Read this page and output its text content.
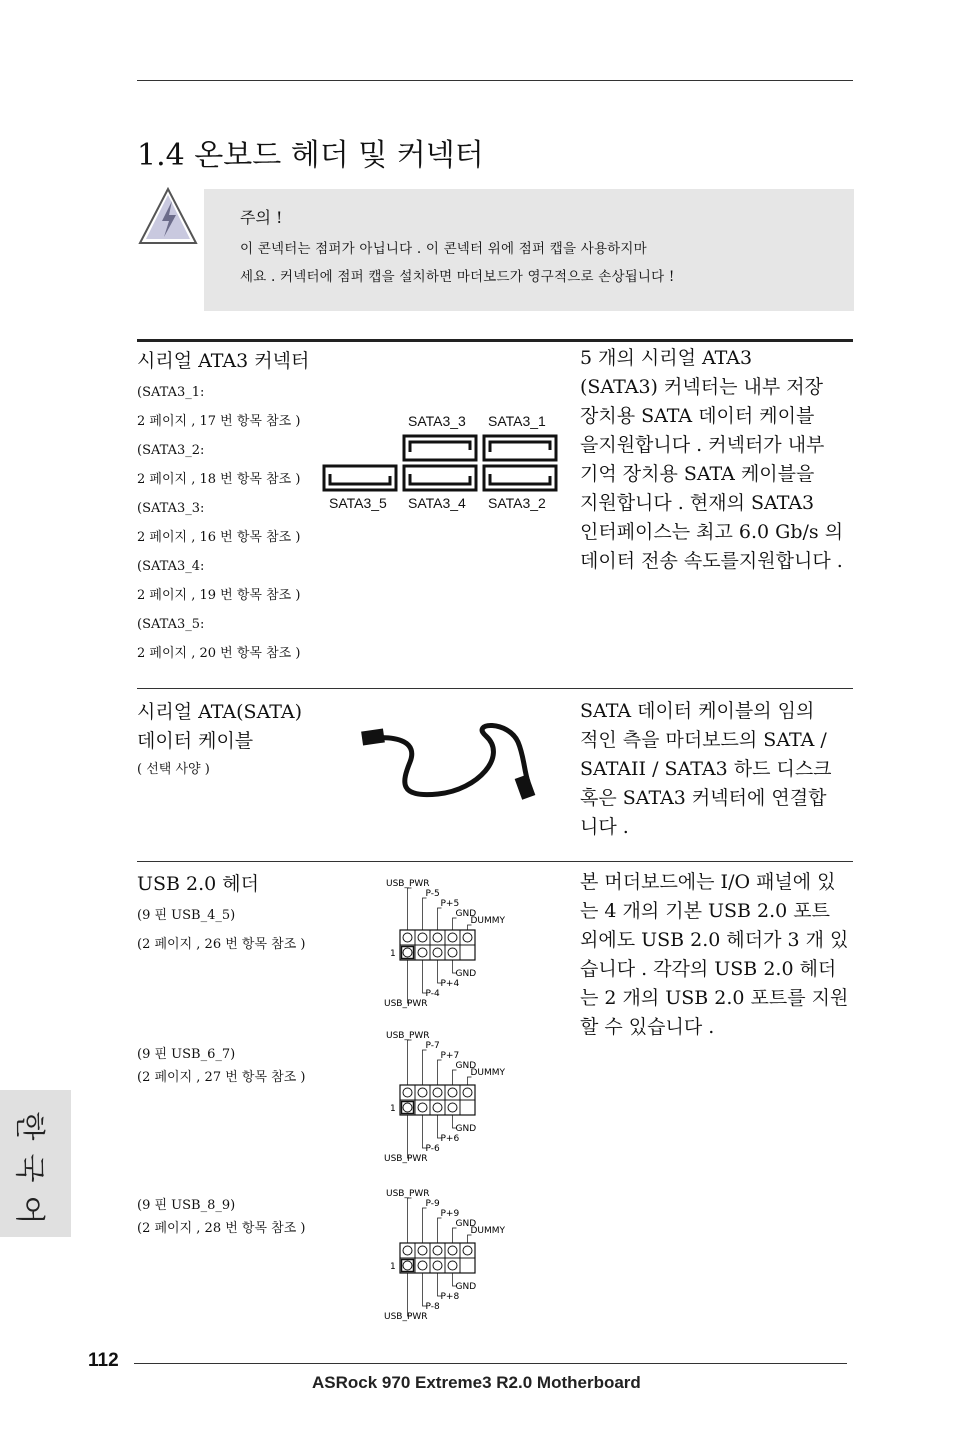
1.4 온보드 헤더 및 커넥터
주의 !
이 콘넥터는 점퍼가 아닙니다 . 이 콘넥터 위에 점퍼 캡을 사용하지마
세요 . 커넥터에 점퍼 캡을 설치하면 마더보드가 영구적으로 손상됩니다 !
시리얼 ATA3 커넥터
(SATA3_1:
2 페이지 , 17 번 항목 참조 )
(SATA3_2:
2 페이지 , 18 번 항목 참조 )
(SATA3_3:
2 페이지 , 16 번 항목 참조 )
(SATA3_4:
2 페이지 , 19 번 항목 참조 )
(SATA3_5:
2 페이지 , 20 번 항목 참조 )
SATA3_3 SATA3_1
SATA3_5 SATA3_4 SATA3_2
5 개의 시리얼 ATA3
(SATA3) 커넥터는 내부 저장
장치용 SATA 데이터 케이블
을지원합니다 . 커넥터가 내부
기억 장치용 SATA 케이블을
지원합니다 . 현재의 SATA3
인터페이스는 최고 6.0 Gb/s 의
데이터 전송 속도를지원합니다 .
시리얼 ATA(SATA)
데이터 케이블
( 선택 사양 )
SATA 데이터 케이블의 임의
적인 측을 마더보드의 SATA /
SATAII / SATA3 하드 디스크
혹은 SATA3 커넥터에 연결합
니다 .
USB 2.0 헤더
(9 핀 USB_4_5)
(2 페이지 , 26 번 항목 참조 )
(9 핀 USB_6_7)
(2 페이지 , 27 번 항목 참조 )
(9 핀 USB_8_9)
(2 페이지 , 28 번 항목 참조 )
본 머더보드에는 I/O 패널에 있
는 4 개의 기본 USB 2.0 포트
외에도 USB 2.0 헤더가 3 개 있
습니다 . 각각의 USB 2.0 헤더
는 2 개의 USB 2.0 포트를 지원
할 수 있습니다 .
USB_PWR
P-5
P+5
GND
DUMMY
GND
P+4
P-4
USB_PWR
1
USB_PWR
P-7
P+7
GND
DUMMY
GND
P+6
P-6
USB_PWR
1
USB_PWR
P-9
P+9
GND
DUMMY
GND
P+8
P-8
USB_PWR
1
한
국
어
112
ASRock 970 Extreme3 R2.0 Motherboard
